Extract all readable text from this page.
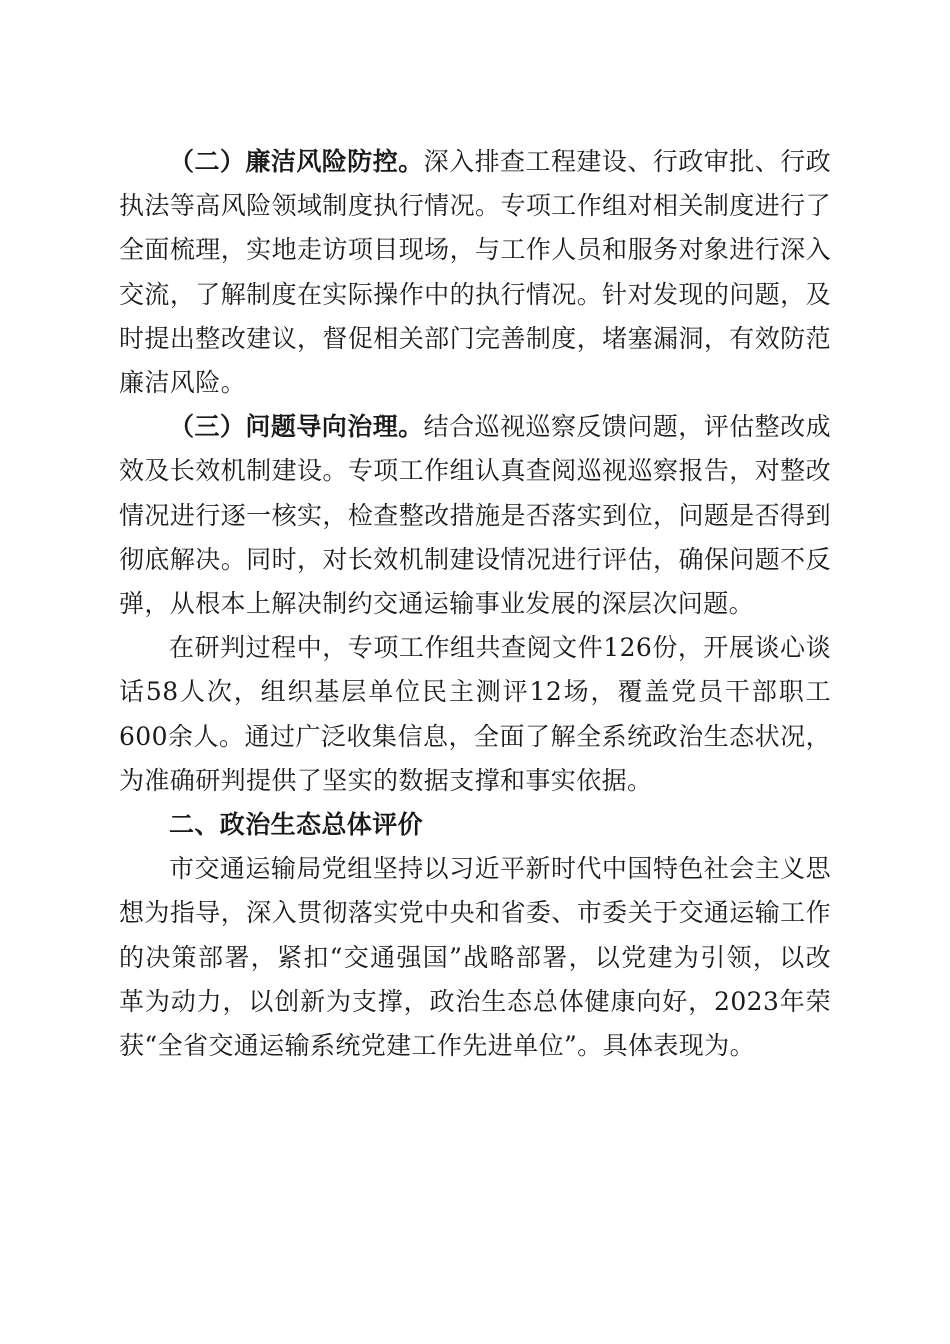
（二）廉洁风险防控。深入排查工程建设、行政审批、行政执法等高风险领域制度执行情况。专项工作组对相关制度进行了全面梳理，实地走访项目现场，与工作人员和服务对象进行深入交流，了解制度在实际操作中的执行情况。针对发现的问题，及时提出整改建议，督促相关部门完善制度，堵塞漏洞，有效防范廉洁风险。

（三）问题导向治理。结合巡视巡察反馈问题，评估整改成效及长效机制建设。专项工作组认真查阅巡视巡察报告，对整改情况进行逐一核实，检查整改措施是否落实到位，问题是否得到彻底解决。同时，对长效机制建设情况进行评估，确保问题不反弹，从根本上解决制约交通运输事业发展的深层次问题。

在研判过程中，专项工作组共查阅文件126份，开展谈心谈话58人次，组织基层单位民主测评12场，覆盖党员干部职工600余人。通过广泛收集信息，全面了解全系统政治生态状况，为准确研判提供了坚实的数据支撑和事实依据。

二、政治生态总体评价

市交通运输局党组坚持以习近平新时代中国特色社会主义思想为指导，深入贯彻落实党中央和省委、市委关于交通运输工作的决策部署，紧扣“交通强国”战略部署，以党建为引领，以改革为动力，以创新为支撑，政治生态总体健康向好，2023年荣获“全省交通运输系统党建工作先进单位”。具体表现为。
